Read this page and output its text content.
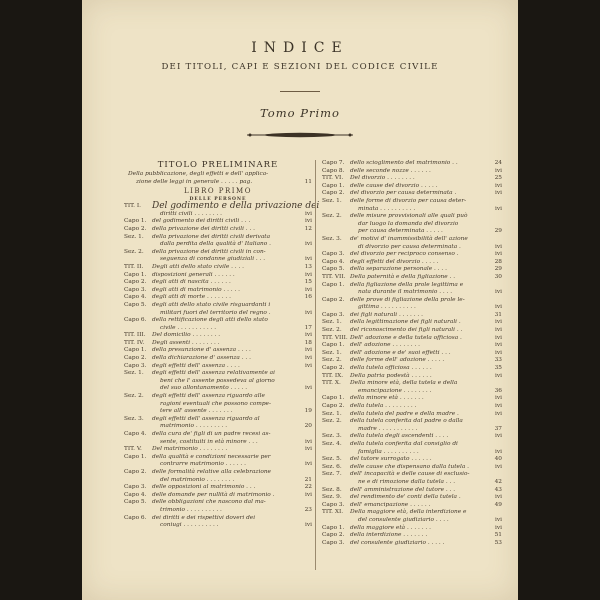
INDICE
DEI TITOLI, CAPI E SEZIONI DEL CODICE CIVILE
Tomo Primo
TITOLO PRELIMINARE
Della pubblicazione, degli effetti e dell' applica-
zione delle leggi in generale . . . . . pag.	11
LIBRO PRIMO
DELLE PERSONE
TIT. I.	Del godimento e della privazione dei
diritti civili . . . . . . . .	ivi
Capo 1. del godimento dei diritti civili . . .	ivi
Capo 2. della privazione dei diritti civili . . .	12
Sez. 1.	della privazione dei diritti civili derivata
dalla perdita della qualità d' Italiano .	ivi
Sez. 2.	della privazione dei diritti civili in con-
seguenza di condanne giudiziali . . .	ivi
TIT. II.	Degli atti dello stato civile . . . .	13
Capo 1. disposizioni generali . . . . . .	ivi
Capo 2. degli atti di nascita . . . . . .	15
Capo 3. degli atti di matrimonio . . . . .	ivi
Capo 4. degli atti di morte . . . . . . .	16
Capo 5. degli atti dello stato civile risguardanti i
militari fuori del territorio del regno .	ivi
Capo 6. della rettificazione degli atti dello stato
civile . . . . . . . . . . .	17
TIT. III.	Del domicilio . . . . . . . .	ivi
TIT. IV.	Degli assenti . . . . . . . .	18
Capo 1. della presunzione d' assenza . . . .	ivi
Capo 2. della dichiarazione d' assenza . . .	ivi
Capo 3. degli effetti dell' assenza . . . .	ivi
Sez. 1.	degli effetti dell' assenza relativamente ai
beni che l' assente possedeva al giorno
del suo allontanamento . . . . .	ivi
Sez. 2.	degli effetti dell' assenza riguardo alle
ragioni eventuali che possono compe-
tere all' assente . . . . . . .	19
Sez. 3.	degli effetti dell' assenza riguardo al
matrimonio . . . . . . . . .	20
Capo 4. della cura de' figli di un padre recesi as-
sente, costituiti in età minore . . .	ivi
TIT. V.	Del matrimonio . . . . . . . .	ivi
Capo 1. della qualità e condizioni necessarie per
contrarre matrimonio . . . . . .	ivi
Capo 2. delle formalità relative alla celebrazione
del matrimonio . . . . . . . .	21
Capo 3. delle opposizioni al matrimonio . . .	22
Capo 4. delle domande per nullità di matrimonio .	ivi
Capo 5. delle obbligazioni che nascono dal ma-
trimonio . . . . . . . . . .	23
Capo 6. dei diritti e dei rispettivi doveri dei
coniugi . . . . . . . . . .	ivi
Capo 7. dello scioglimento del matrimonio . .	24
Capo 8. delle seconde nozze . . . . . .	ivi
TIT. VI.	Del divorzio . . . . . . . .	25
Capo 1. delle cause del divorzio . . . . .	ivi
Capo 2. del divorzio per causa determinata .	ivi
Sez. 1.	delle forme di divorzio per causa deter-
minata . . . . . . . . . .	ivi
Sez. 2.	delle misure provvisionali alle quali può
dar luogo la domanda del divorzio
per causa determinata . . . . .	29
Sez. 3.	de' motivi d' inammissibilità dell' azione
di divorzio per causa determinata .	ivi
Capo 3. del divorzio per reciproco consenso .	ivi
Capo 4. degli effetti del divorzio . . . . .	28
Capo 5. della separazione personale . . . .	29
TIT. VII. Della paternità e della figliazione . .	30
Capo 1. della figliazione della prole legittima e
nata durante il matrimonio . . . .	ivi
Capo 2. delle prove di figliazione della prole le-
gittima . . . . . . . . . .	ivi
Capo 3. dei figli naturali . . . . . . .	31
Sez. 1.	della legittimazione dei figli naturali .	ivi
Sez. 2.	del riconoscimento dei figli naturali . .	ivi
TIT. VIII. Dell' adozione e della tutela officiosa .	ivi
Capo 1. dell' adozione . . . . . . . .	ivi
Sez. 1.	dell' adozione e de' suoi effetti . . .	ivi
Sez. 2.	delle forme dell' adozione . . . . .	33
Capo 2. della tutela officiosa . . . . . .	35
TIT. IX.	Della patria podestà . . . . . .	ivi
TIT. X.	Della minore età, della tutela e della
emancipazione . . . . . . . .	36
Capo 1. della minore età . . . . . . .	ivi
Capo 2. della tutela . . . . . . . . .	ivi
Sez. 1.	della tutela del padre e della madre .	ivi
Sez. 2.	della tutela conferita dal padre o dalla
madre . . . . . . . . . . .	37
Sez. 3.	della tutela degli ascendenti . . . .	ivi
Sez. 4.	della tutela conferita dal consiglio di
famiglia . . . . . . . . . .	ivi
Sez. 5.	del tutore surrogato . . . . . .	40
Sez. 6.	delle cause che dispensano dalla tutela .	ivi
Sez. 7.	dell' incapacità e delle cause di esclusio-
ne e di rimozione dalla tutela . . .	42
Sez. 8.	dell' amministrazione del tutore . . .	43
Sez. 9.	del rendimento de' conti della tutela .	ivi
Capo 3. dell' emancipazione . . . . . .	49
TIT. XI.	Della maggiore età, della interdizione e
del consulente giudiziario . . . .	ivi
Capo 1. della maggiore età . . . . . . .	ivi
Capo 2. della interdizione . . . . . . .	51
Capo 3. del consulente giudiziario . . . . .	53
